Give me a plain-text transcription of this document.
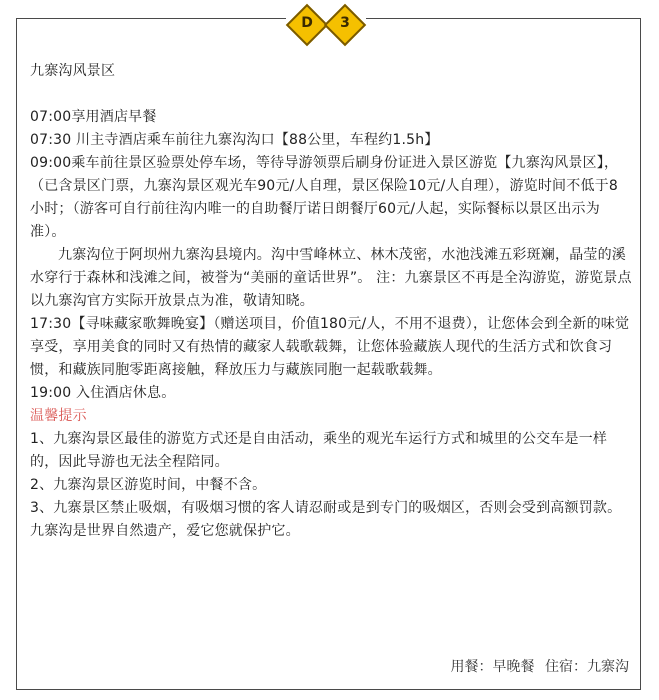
D	3

九寨沟风景区

07:00享用酒店早餐

07:30 川主寺酒店乘车前往九寨沟沟口【88公里，车程约1.5h】

09:00乘车前往景区验票处停车场，等待导游领票后刷身份证进入景区游览【九寨沟风景区】，（已含景区门票，九寨沟景区观光车90元/人自理，景区保险10元/人自理），游览时间不低于8小时；（游客可自行前往沟内唯一的自助餐厅诺日朗餐厅60元/人起，实际餐标以景区出示为准）。

九寨沟位于阿坝州九寨沟县境内。沟中雪峰林立、林木茂密，水池浅滩五彩斑斓，晶莹的溪水穿行于森林和浅滩之间，被誉为“美丽的童话世界”。 注：九寨景区不再是全沟游览，游览景点以九寨沟官方实际开放景点为准，敬请知晓。

17:30【寻味藏家歌舞晚宴】（赠送项目，价值180元/人，不用不退费），让您体会到全新的味觉享受，享用美食的同时又有热情的藏家人载歌载舞，让您体验藏族人现代的生活方式和饮食习惯，和藏族同胞零距离接触，释放压力与藏族同胞一起载歌载舞。

19:00 入住酒店休息。

温馨提示

1、九寨沟景区最佳的游览方式还是自由活动，乘坐的观光车运行方式和城里的公交车是一样的，因此导游也无法全程陪同。

2、九寨沟景区游览时间，中餐不含。

3、九寨景区禁止吸烟，有吸烟习惯的客人请忍耐或是到专门的吸烟区，否则会受到高额罚款。九寨沟是世界自然遗产，爱它您就保护它。

用餐：早晚餐 住宿：九寨沟
